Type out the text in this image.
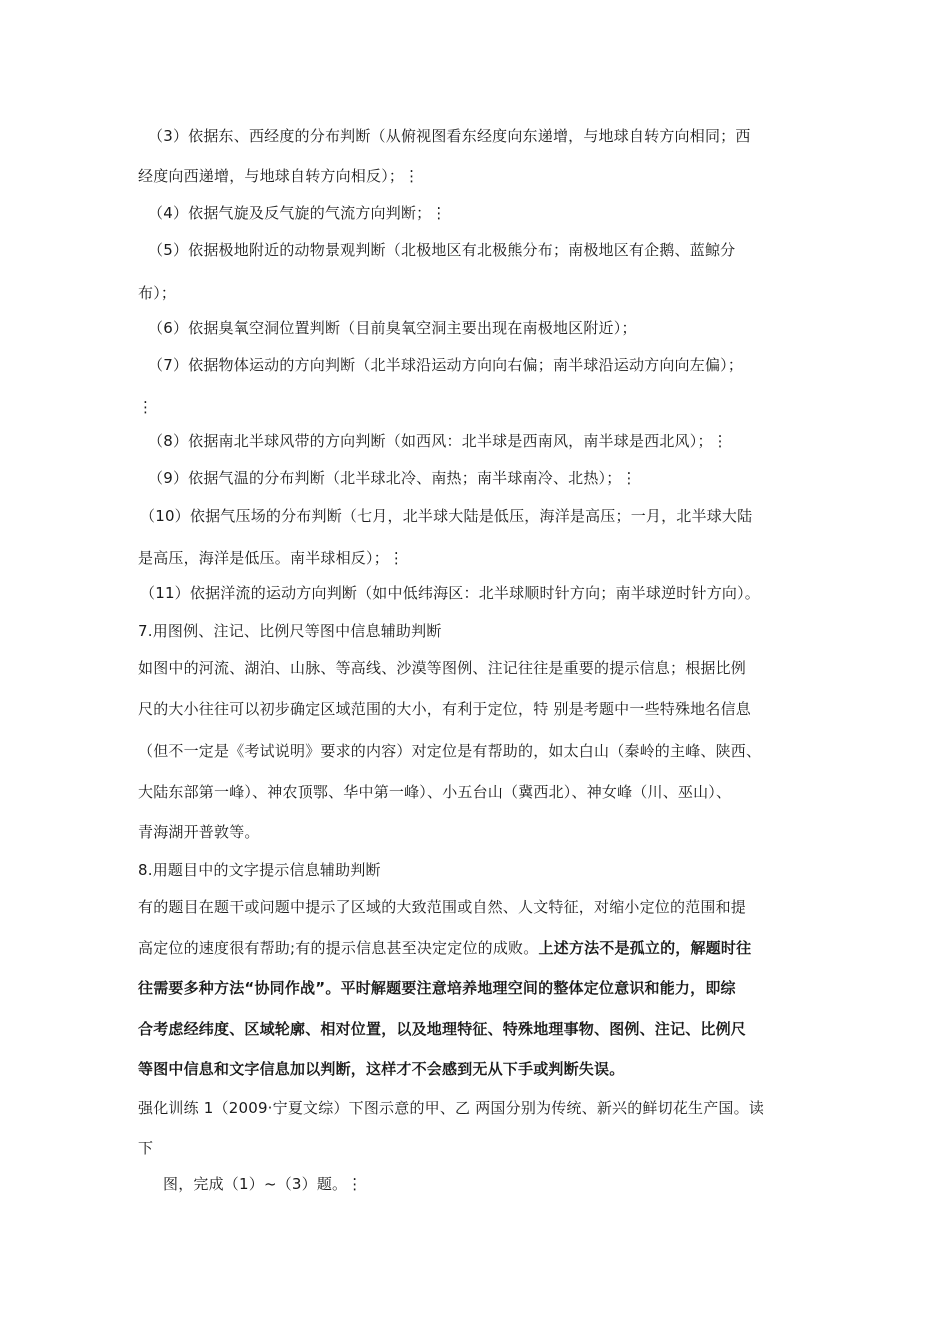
（3）依据东、西经度的分布判断（从俯视图看东经度向东递增，与地球自转方向相同；西
经度向西递增，与地球自转方向相反）；⋮
（4）依据气旋及反气旋的气流方向判断；⋮
（5）依据极地附近的动物景观判断（北极地区有北极熊分布；南极地区有企鹅、蓝鲸分
布）；
（6）依据臭氧空洞位置判断（目前臭氧空洞主要出现在南极地区附近）；
（7）依据物体运动的方向判断（北半球沿运动方向向右偏；南半球沿运动方向向左偏）；
⋮
（8）依据南北半球风带的方向判断（如西风：北半球是西南风，南半球是西北风）；⋮
（9）依据气温的分布判断（北半球北冷、南热；南半球南冷、北热）；⋮
（10）依据气压场的分布判断（七月，北半球大陆是低压，海洋是高压；一月，北半球大陆
是高压，海洋是低压。南半球相反）；⋮
（11）依据洋流的运动方向判断（如中低纬海区：北半球顺时针方向；南半球逆时针方向）。
7.用图例、注记、比例尺等图中信息辅助判断
如图中的河流、湖泊、山脉、等高线、沙漠等图例、注记往往是重要的提示信息；根据比例
尺的大小往往可以初步确定区域范围的大小，有利于定位，特 别是考题中一些特殊地名信息
（但不一定是《考试说明》要求的内容）对定位是有帮助的，如太白山（秦岭的主峰、陕西、
大陆东部第一峰）、神农顶鄂、华中第一峰）、小五台山（冀西北）、神女峰（川、巫山）、
青海湖开普敦等。
8.用题目中的文字提示信息辅助判断
有的题目在题干或问题中提示了区域的大致范围或自然、人文特征，对缩小定位的范围和提
高定位的速度很有帮助;有的提示信息甚至决定定位的成败。上述方法不是孤立的，解题时往
往需要多种方法“协同作战”。平时解题要注意培养地理空间的整体定位意识和能力，即综
合考虑经纬度、区域轮廓、相对位置，以及地理特征、特殊地理事物、图例、注记、比例尺
等图中信息和文字信息加以判断，这样才不会感到无从下手或判断失误。
强化训练 1（2009·宁夏文综）下图示意的甲、乙 两国分别为传统、新兴的鲜切花生产国。读
下
图，完成（1）~（3）题。⋮
